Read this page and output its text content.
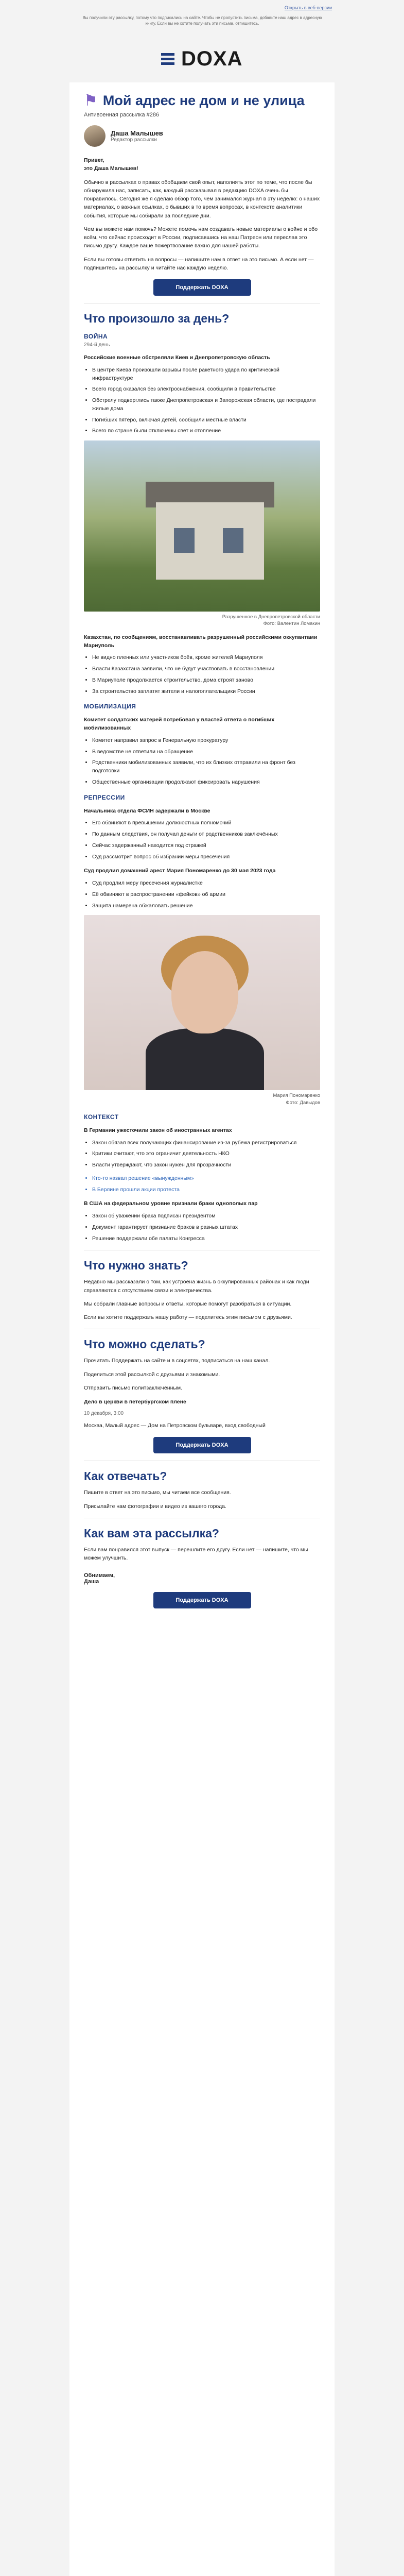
Открыть в веб-версии
Вы получили эту рассылку, потому что подписались на сайте. Чтобы не пропустить письма, добавьте наш адрес в адресную книгу. Если вы не хотите получать эти письма, отпишитесь.
DOXA
⚑ Мой адрес не дом и не улица
Антивоенная рассылка #286
Даша Малышев
Редактор рассылки

Привет,
это Даша Малышев!

Обычно в рассылках о правах обобщаем свой опыт, наполнять этот по теме, что после бы обнаружила нас, записать, как, каждый рассказывал в редакцию DOXA очень бы понравилось. Сегодня же я сделаю обзор того, чем занимался журнал в эту неделю: о наших материалах, о важных ссылках, о бывших в то время вопросах, в контексте аналитики события, которые мы собирали за последние дни.

Чем вы можете нам помочь? Можете помочь нам создавать новые материалы о войне и обо всём, что сейчас происходит в России, подписавшись на наш Патреон или переслав это письмо другу. Каждое ваше пожертвование важно для нашей работы.

Если вы готовы ответить на вопросы — напишите нам в ответ на это письмо. А если нет — подпишитесь на рассылку и читайте нас каждую неделю.

Поддержать DOXA
Что произошло за день?
ВОЙНА
294-й день
Российские военные обстреляли Киев и Днепропетровскую область
• В центре Киева произошли взрывы после ракетного удара по критической инфраструктуре
• Всего город оказался без электроснабжения, сообщили в правительстве
• Обстрелу подверглись также Днепропетровская и Запорожская области, где пострадали жилые дома
• Погибших пятеро, включая детей, сообщили местные власти
• Всего по стране были отключены свет и отопление
Разрушенное в Днепропетровской области
Фото: Валентин Ломакин
Казахстан, по сообщениям, восстанавливать разрушенный российскими оккупантами Мариуполь
• Не видно пленных или участников боёв, кроме жителей Мариуполя
• Власти Казахстана заявили, что не будут участвовать в восстановлении
• В Мариуполе продолжается строительство, дома строят заново
• За строительство заплатят жители и налогоплательщики России
МОБИЛИЗАЦИЯ
Комитет солдатских матерей потребовал у властей ответа о погибших мобилизованных
• Комитет направил запрос в Генеральную прокуратуру
• В ведомстве не ответили на обращение
• Родственники мобилизованных заявили, что их близких отправили на фронт без подготовки
• Общественные организации продолжают фиксировать нарушения
РЕПРЕССИИ
Начальника отдела ФСИН задержали в Москве
• Его обвиняют в превышении должностных полномочий
• По данным следствия, он получал деньги от родственников заключённых
• Сейчас задержанный находится под стражей
• Суд рассмотрит вопрос об избрании меры пресечения
Суд продлил домашний арест Мария Пономаренко до 30 мая 2023 года
• Суд продлил меру пресечения журналистке
• Её обвиняют в распространении «фейков» об армии
• Защита намерена обжаловать решение
Мария Пономаренко
Фото: Давыдов
КОНТЕКСТ
В Германии ужесточили закон об иностранных агентах
• Закон обязал всех получающих финансирование из-за рубежа регистрироваться
• Критики считают, что это ограничит деятельность НКО
• Власти утверждают, что закон нужен для прозрачности
• Кто-то назвал решение «вынужденным»
• В Берлине прошли акции протеста
В США на федеральном уровне признали браки однополых пар
• Закон об уважении брака подписан президентом
• Документ гарантирует признание браков в разных штатах
• Решение поддержали обе палаты Конгресса
Что нужно знать?

Недавно мы рассказали о том, как устроена жизнь в оккупированных районах и как люди справляются с отсутствием связи и электричества.

Мы собрали главные вопросы и ответы, которые помогут разобраться в ситуации.

Если вы хотите поддержать нашу работу — поделитесь этим письмом с друзьями.

Что можно сделать?

Прочитать Поддержать на сайте и в соцсетях, подписаться на наш канал.

Поделиться этой рассылкой с друзьями и знакомыми.

Отправить письмо политзаключённым.

Дело в церкви в петербургском плене
10 декабря, 3:00

Москва, Малый адрес — Дом на Петровском бульваре, вход свободный

Поддержать DOXA
Как отвечать?

Пишите в ответ на это письмо, мы читаем все сообщения.

Присылайте нам фотографии и видео из вашего города.

Как вам эта рассылка?

Если вам понравился этот выпуск — перешлите его другу. Если нет — напишите, что мы можем улучшить.

Обнимаем,
Даша
Поддержать DOXA
